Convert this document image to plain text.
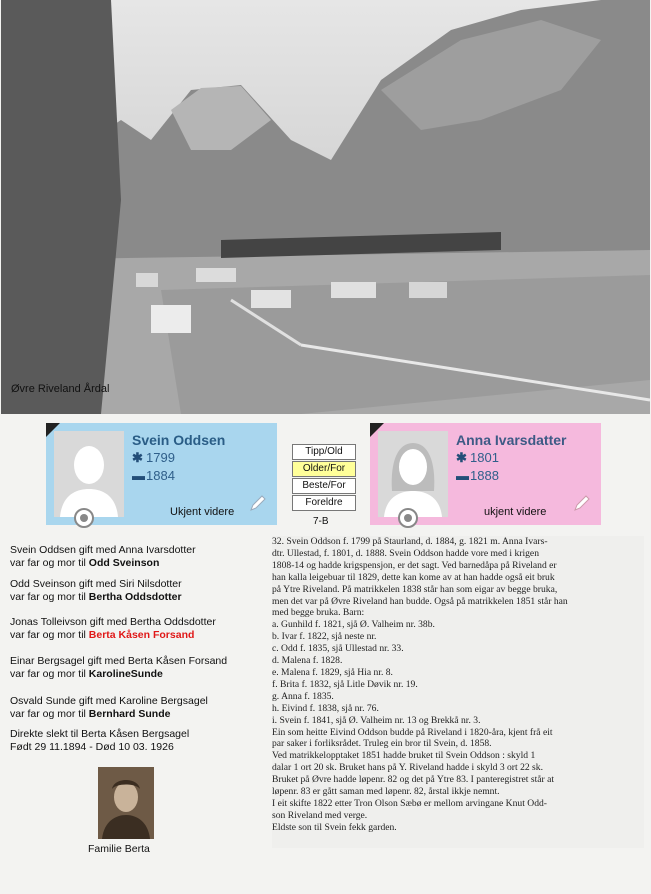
Øvre Riveland Årdal
Svein Oddsen
✱ 1799
▬1884
Ukjent videre
Anna Ivarsdatter
✱ 1801
▬1888
ukjent videre
Tipp/Old
Older/For
Beste/For
Foreldre
7-B
Svein Oddsen gift med Anna Ivarsdotter
var far og mor til Odd Sveinson
Odd Sveinson gift med Siri Nilsdotter
var far og mor til Bertha Oddsdotter
Jonas Tolleivson gift med Bertha Oddsdotter
var far og mor til Berta Kåsen Forsand
Einar Bergsagel gift med Berta Kåsen Forsand
var far og mor til KarolineSunde
Osvald Sunde gift med Karoline Bergsagel
var far og mor til Bernhard Sunde
Direkte slekt til Berta Kåsen Bergsagel
Født 29 11.1894 - Død 10 03. 1926
Familie Berta

32. Svein Oddson f. 1799 på Staurland, d. 1884, g. 1821 m. Anna Ivars-

dtr. Ullestad, f. 1801, d. 1888. Svein Oddson hadde vore med i krigen

1808-14 og hadde krigspensjon, er det sagt. Ved barnedåpa på Riveland er

han kalla leigebuar til 1829, dette kan kome av at han hadde også eit bruk

på Ytre Riveland. På matrikkelen 1838 står han som eigar av begge bruka,

men det var på Øvre Riveland han budde. Også på matrikkelen 1851 står han

med begge bruka. Barn:

a. Gunhild f. 1821, sjå Ø. Valheim nr. 38b.

b. Ivar f. 1822, sjå neste nr.

c. Odd f. 1835, sjå Ullestad nr. 33.

d. Malena f. 1828.

e. Malena f. 1829, sjå Hia nr. 8.

f. Brita f. 1832, sjå Litle Døvik nr. 19.

g. Anna f. 1835.

h. Eivind f. 1838, sjå nr. 76.

i. Svein f. 1841, sjå Ø. Valheim nr. 13 og Brekkå nr. 3.

Ein som heitte Eivind Oddson budde på Riveland i 1820-åra, kjent frå eit

par saker i forliksrådet. Truleg ein bror til Svein, d. 1858.

Ved matrikkelopptaket 1851 hadde bruket til Svein Oddson : skyld 1

dalar 1 ort 20 sk. Bruket hans på Y. Riveland hadde i skyld 3 ort 22 sk.

Bruket på Øvre hadde løpenr. 82 og det på Ytre 83. I panteregistret står at

løpenr. 83 er gått saman med løpenr. 82, årstal ikkje nemnt.

I eit skifte 1822 etter Tron Olson Sæbø er mellom arvingane Knut Odd-

son Riveland med verge.

Eldste son til Svein fekk garden.
